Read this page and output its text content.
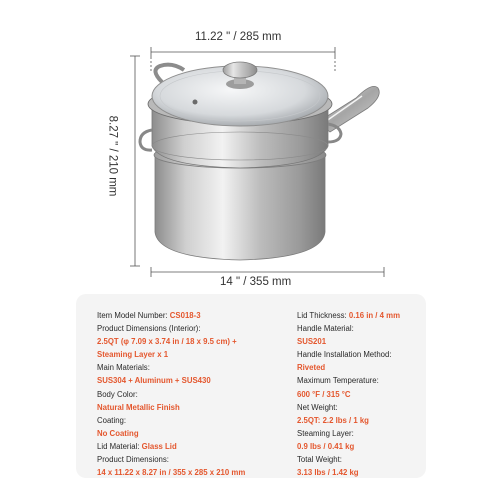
11.22 " / 285 mm
8.27 " / 210 mm
14 " / 355 mm
Item Model Number: CS018-3
Product Dimensions (Interior):
2.5QT (φ 7.09 x 3.74 in / 18 x 9.5 cm) +
Steaming Layer x 1
Main Materials:
SUS304 + Aluminum + SUS430
Body Color:
Natural Metallic Finish
Coating:
No Coating
Lid Material: Glass Lid
Product Dimensions:
14 x 11.22 x 8.27 in / 355 x 285 x 210 mm
Lid Thickness: 0.16 in / 4 mm
Handle Material:
SUS201
Handle Installation Method:
Riveted
Maximum Temperature:
600 °F / 315 °C
Net Weight:
2.5QT: 2.2 lbs / 1 kg
Steaming Layer:
0.9 lbs / 0.41 kg
Total Weight:
3.13 lbs / 1.42 kg
